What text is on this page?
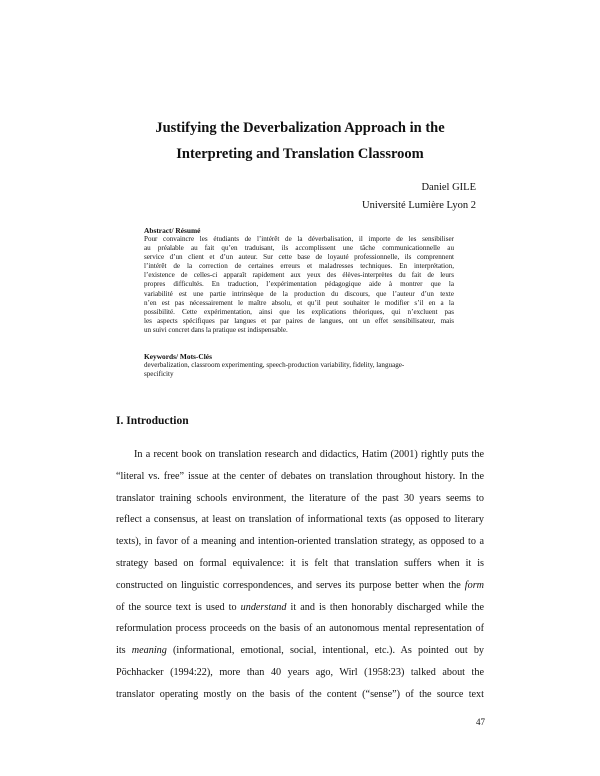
Justifying the Deverbalization Approach in the
Interpreting and Translation Classroom
Daniel GILE
Université Lumière Lyon 2

Abstract/ Résumé

Pour convaincre les étudiants de l’intérêt de la déverbalisation, il importe de les sensibiliser
au préalable au fait qu’en traduisant, ils accomplissent une tâche communicationnelle au
service d’un client et d’un auteur. Sur cette base de loyauté professionnelle, ils comprennent
l’intérêt de la correction de certaines erreurs et maladresses techniques. En interprétation,
l’existence de celles-ci apparaît rapidement aux yeux des élèves-interprètes du fait de leurs
propres difficultés. En traduction, l’expérimentation pédagogique aide à montrer que la
variabilité est une partie intrinsèque de la production du discours, que l’auteur d’un texte
n’en est pas nécessairement le maître absolu, et qu’il peut souhaiter le modifier s’il en a la
possibilité. Cette expérimentation, ainsi que les explications théoriques, qui n’excluent pas
les aspects spécifiques par langues et par paires de langues, ont un effet sensibilisateur, mais
un suivi concret dans la pratique est indispensable.

Keywords/ Mots-Clés

deverbalization, classroom experimenting, speech-production variability, fidelity, language-
specificity

I. Introduction
In a recent book on translation research and didactics, Hatim (2001) rightly puts the
“literal vs. free” issue at the center of debates on translation throughout history. In the
translator training schools environment, the literature of the past 30 years seems to
reflect a consensus, at least on translation of informational texts (as opposed to literary
texts), in favor of a meaning and intention-oriented translation strategy, as opposed to a
strategy based on formal equivalence: it is felt that translation suffers when it is
constructed on linguistic correspondences, and serves its purpose better when the form
of the source text is used to understand it and is then honorably discharged while the
reformulation process proceeds on the basis of an autonomous mental representation of
its meaning (informational, emotional, social, intentional, etc.). As pointed out by
Pöchhacker (1994:22), more than 40 years ago, Wirl (1958:23) talked about the
translator operating mostly on the basis of the content (“sense”) of the source text
47
